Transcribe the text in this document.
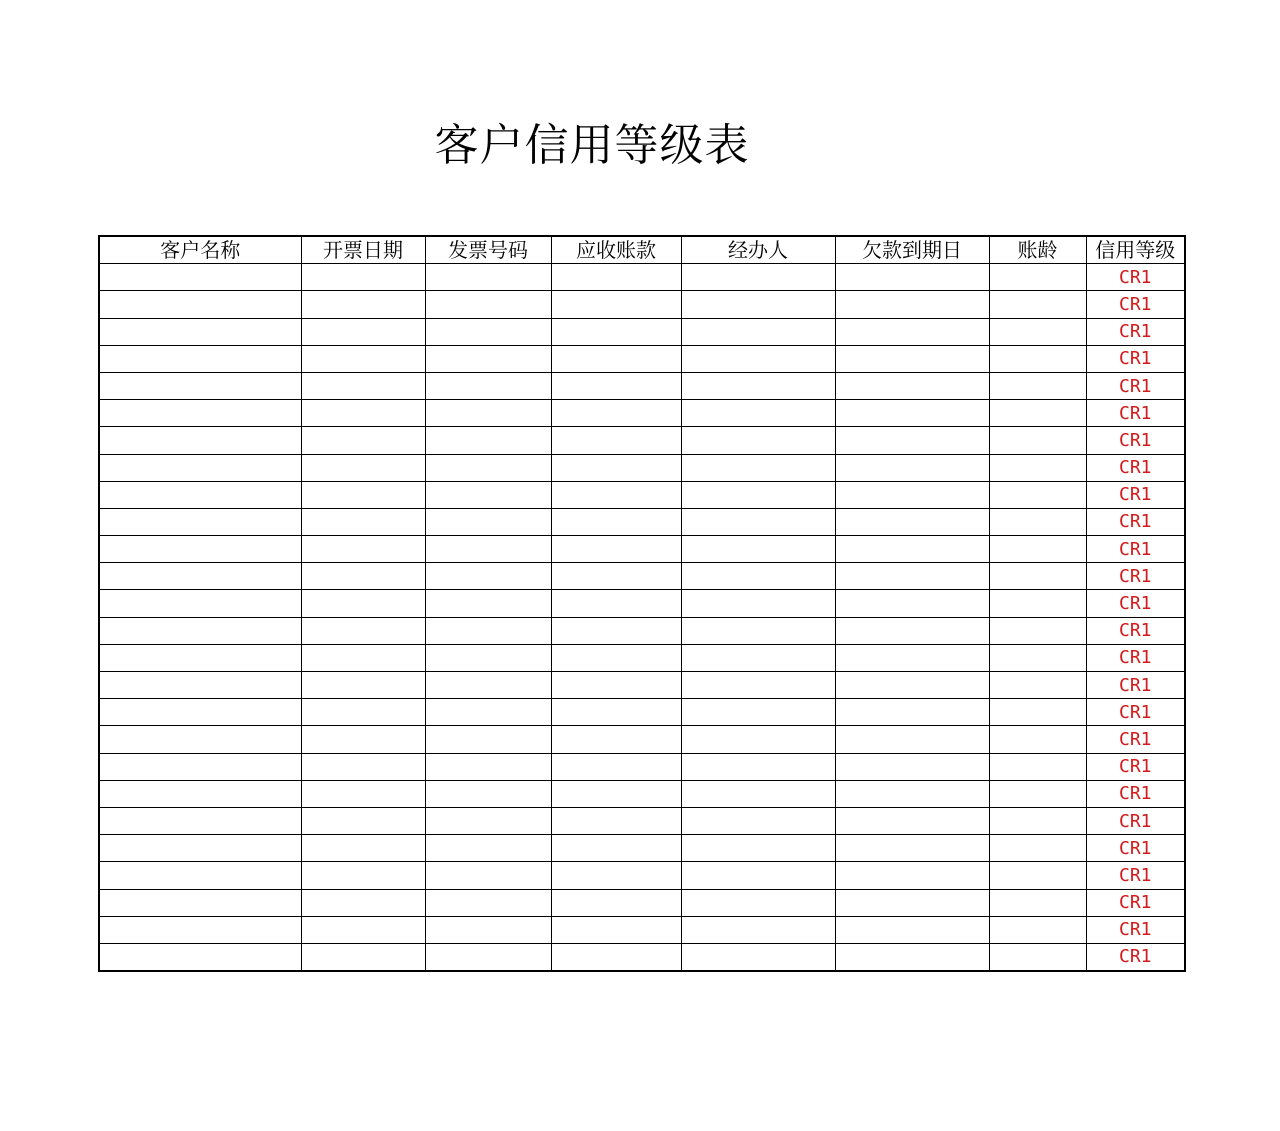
客户信用等级表
客户名称	开票日期	发票号码	应收账款	经办人	欠款到期日	账龄	信用等级
							CR1
							CR1
							CR1
							CR1
							CR1
							CR1
							CR1
							CR1
							CR1
							CR1
							CR1
							CR1
							CR1
							CR1
							CR1
							CR1
							CR1
							CR1
							CR1
							CR1
							CR1
							CR1
							CR1
							CR1
							CR1
							CR1
